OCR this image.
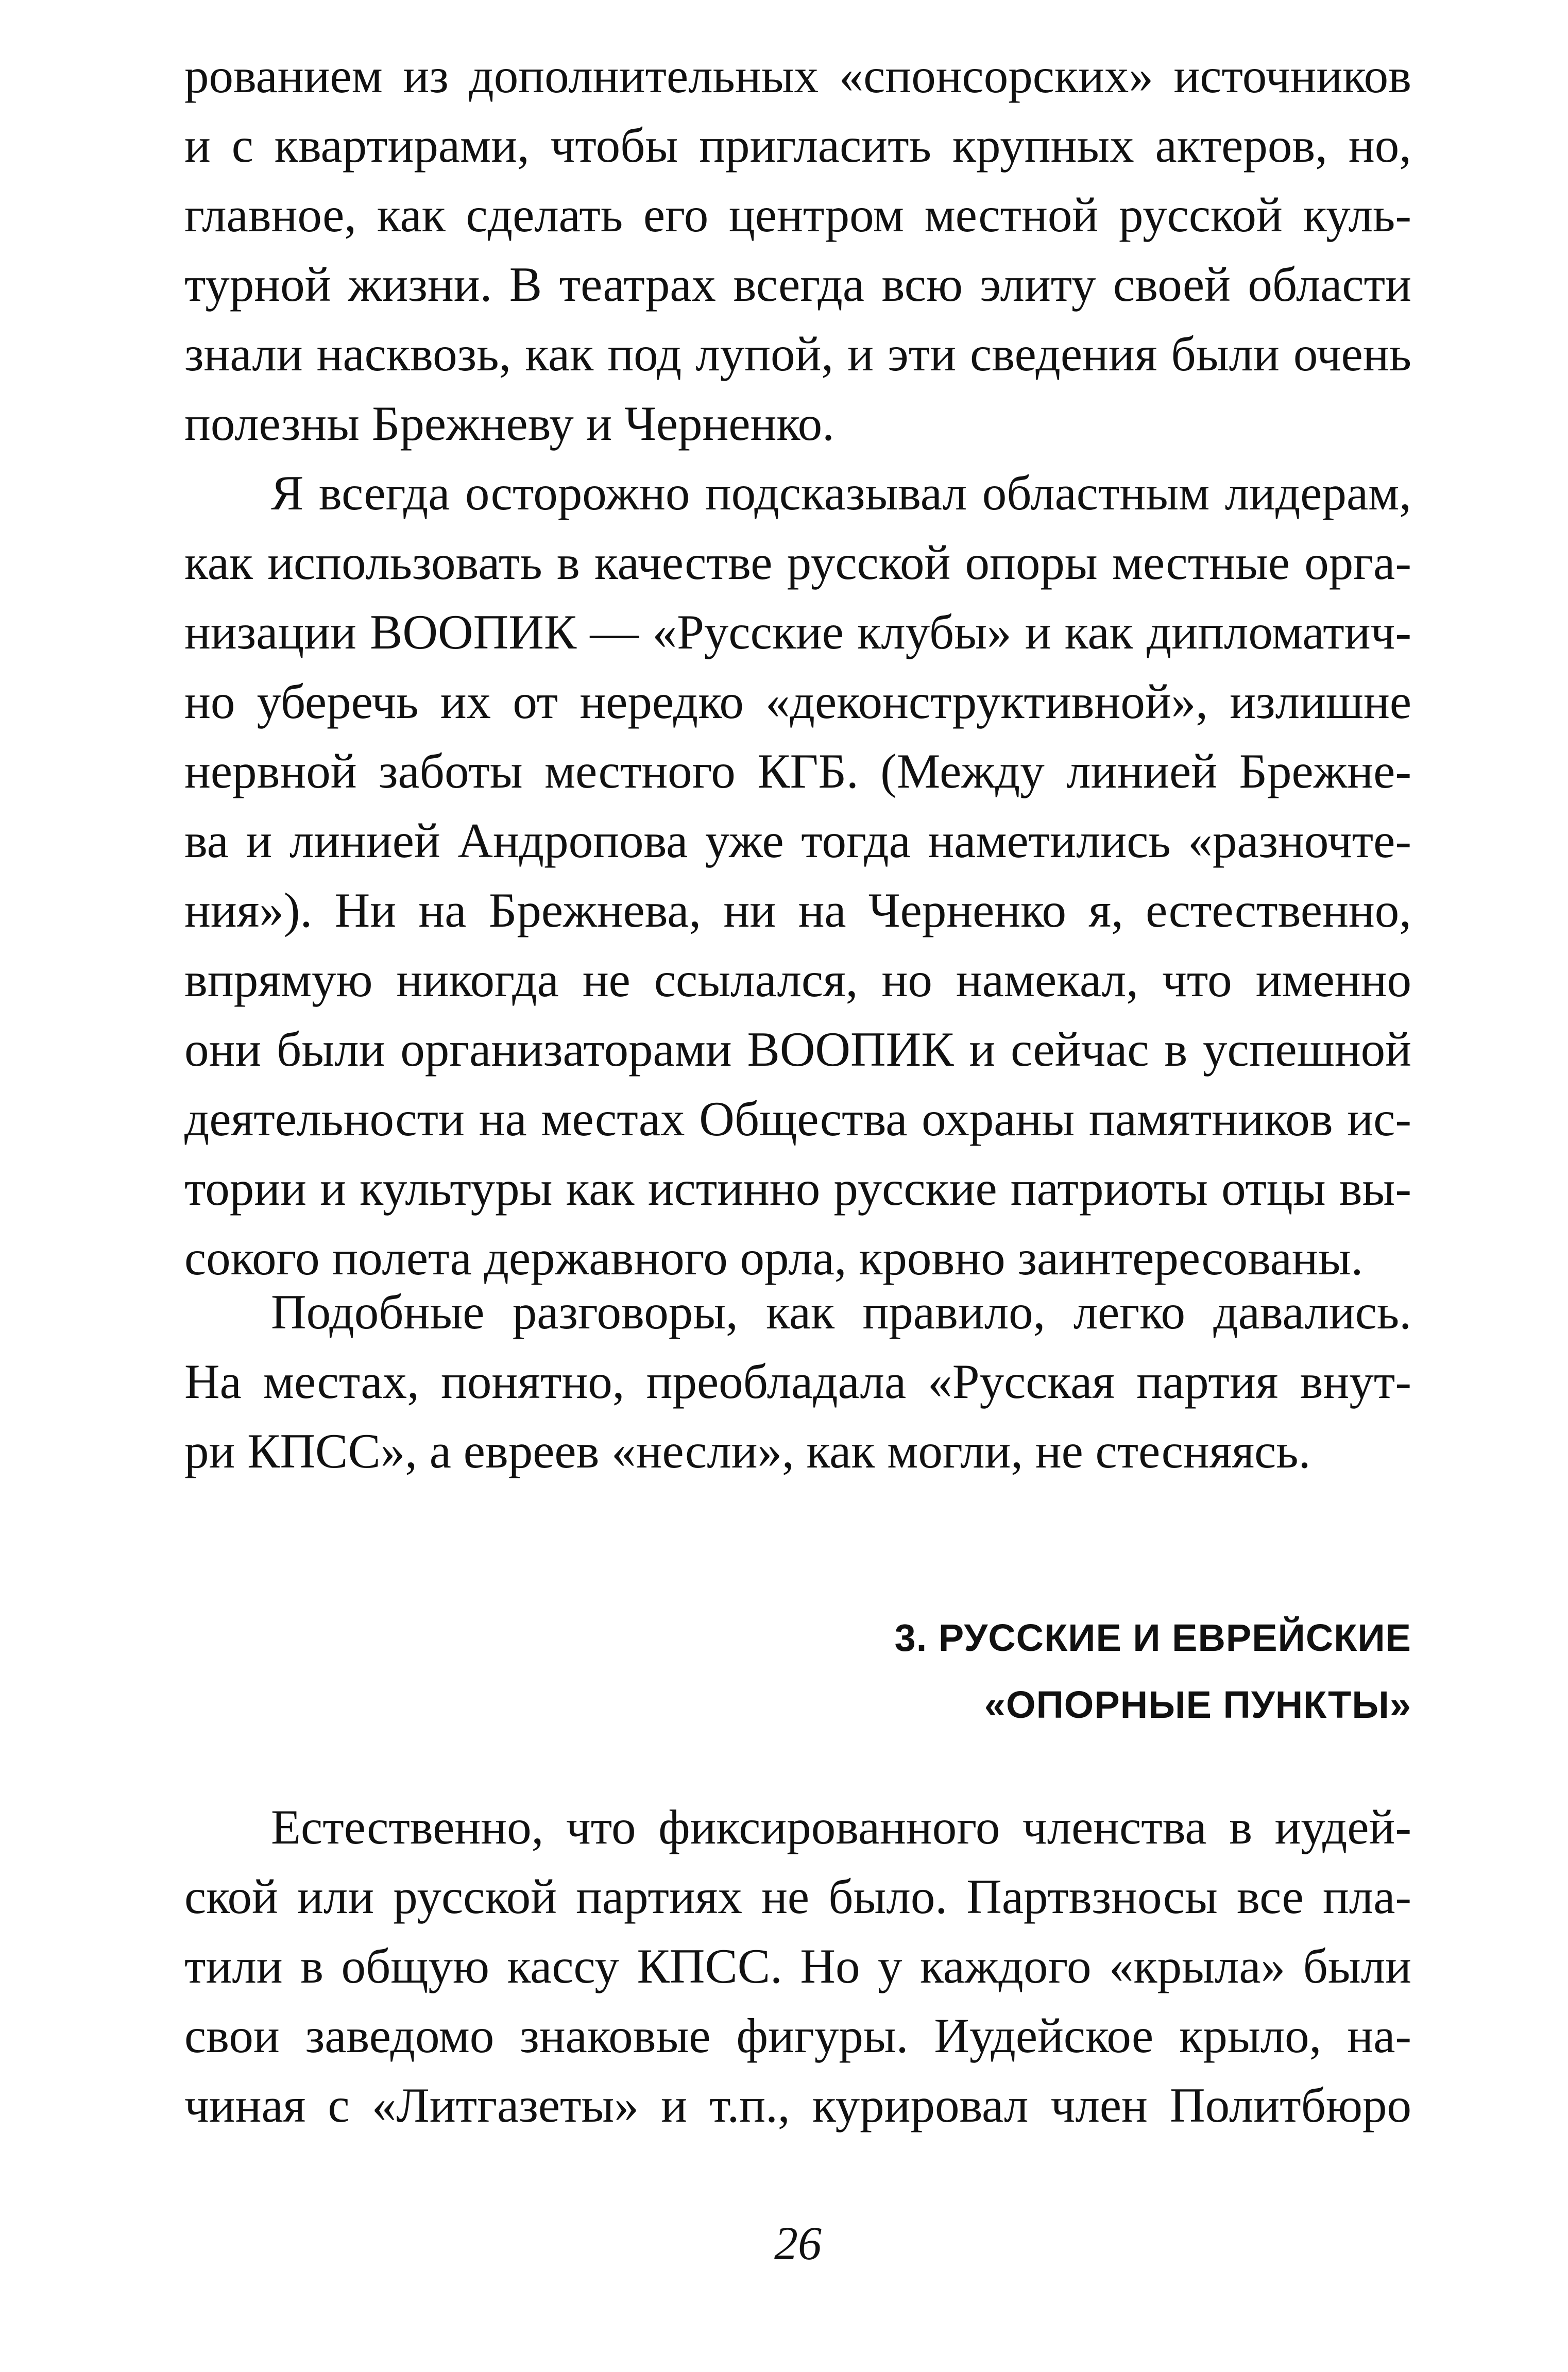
рованием из дополнительных «спонсорских» источников
и с квартирами, чтобы пригласить крупных актеров, но,
главное, как сделать его центром местной русской куль-
турной жизни. В театрах всегда всю элиту своей области
знали насквозь, как под лупой, и эти сведения были очень
полезны Брежневу и Черненко.
Я всегда осторожно подсказывал областным лидерам,
как использовать в качестве русской опоры местные орга-
низации ВООПИК — «Русские клубы» и как дипломатич-
но уберечь их от нередко «деконструктивной», излишне
нервной заботы местного КГБ. (Между линией Брежне-
ва и линией Андропова уже тогда наметились «разночте-
ния»). Ни на Брежнева, ни на Черненко я, естественно,
впрямую никогда не ссылался, но намекал, что именно
они были организаторами ВООПИК и сейчас в успешной
деятельности на местах Общества охраны памятников ис-
тории и культуры как истинно русские патриоты отцы вы-
сокого полета державного орла, кровно заинтересованы.
Подобные разговоры, как правило, легко давались.
На местах, понятно, преобладала «Русская партия внут-
ри КПСС», а евреев «несли», как могли, не стесняясь.
3. РУССКИЕ И ЕВРЕЙСКИЕ
«ОПОРНЫЕ ПУНКТЫ»
Естественно, что фиксированного членства в иудей-
ской или русской партиях не было. Партвзносы все пла-
тили в общую кассу КПСС. Но у каждого «крыла» были
свои заведомо знаковые фигуры. Иудейское крыло, на-
чиная с «Литгазеты» и т.п., курировал член Политбюро
26
